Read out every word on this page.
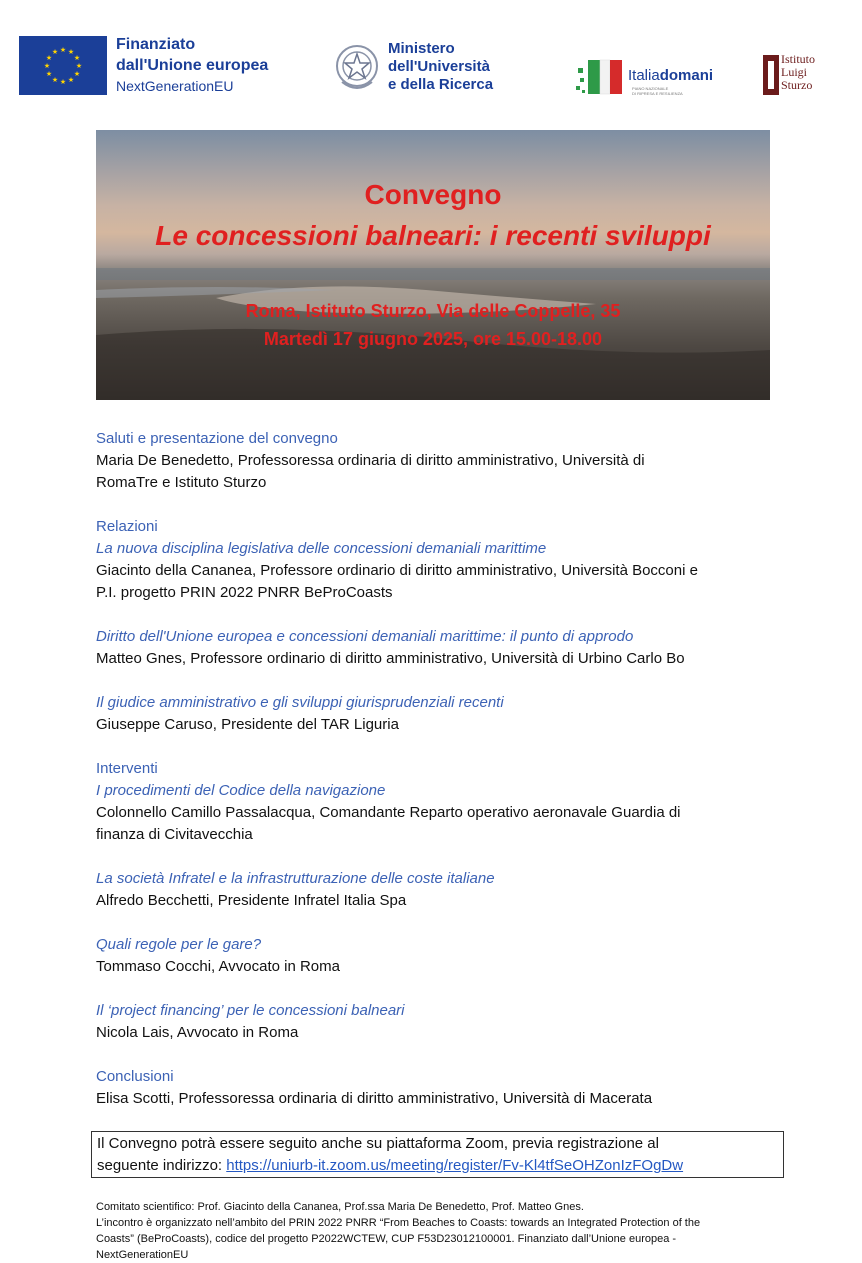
★ ★
★
★
★
★
★
★
★
★
★
★	Finanziato
dall'Unione europea
NextGenerationEU
Ministero
dell'Università
e della Ricerca
Italiadomani
PIANO NAZIONALE
DI RIPRESA E RESILIENZA
Istituto
Luigi
Sturzo
Convegno
Le concessioni balneari: i recenti sviluppi
Roma, Istituto Sturzo, Via delle Coppelle, 35
Martedì 17 giugno 2025, ore 15.00-18.00

Saluti e presentazione del convegno

Maria De Benedetto, Professoressa ordinaria di diritto amministrativo, Università di

RomaTre e Istituto Sturzo

Relazioni

La nuova disciplina legislativa delle concessioni demaniali marittime

Giacinto della Cananea, Professore ordinario di diritto amministrativo, Università Bocconi e

P.I. progetto PRIN 2022 PNRR BeProCoasts

Diritto dell'Unione europea e concessioni demaniali marittime: il punto di approdo

Matteo Gnes, Professore ordinario di diritto amministrativo, Università di Urbino Carlo Bo

Il giudice amministrativo e gli sviluppi giurisprudenziali recenti

Giuseppe Caruso, Presidente del TAR Liguria

Interventi

I procedimenti del Codice della navigazione

Colonnello Camillo Passalacqua, Comandante Reparto operativo aeronavale Guardia di

finanza di Civitavecchia

La società Infratel e la infrastrutturazione delle coste italiane

Alfredo Becchetti, Presidente Infratel Italia Spa

Quali regole per le gare?

Tommaso Cocchi, Avvocato in Roma

Il ‘project financing’ per le concessioni balneari

Nicola Lais, Avvocato in Roma

Conclusioni

Elisa Scotti, Professoressa ordinaria di diritto amministrativo, Università di Macerata

Il Convegno potrà essere seguito anche su piattaforma Zoom, previa registrazione al
seguente indirizzo: https://uniurb-it.zoom.us/meeting/register/Fv-Kl4tfSeOHZonIzFOgDw
Comitato scientifico: Prof. Giacinto della Cananea, Prof.ssa Maria De Benedetto, Prof. Matteo Gnes.
L’incontro è organizzato nell’ambito del PRIN 2022 PNRR “From Beaches to Coasts: towards an Integrated Protection of the
Coasts” (BeProCoasts), codice del progetto P2022WCTEW, CUP F53D23012100001. Finanziato dall’Unione europea -
NextGenerationEU
